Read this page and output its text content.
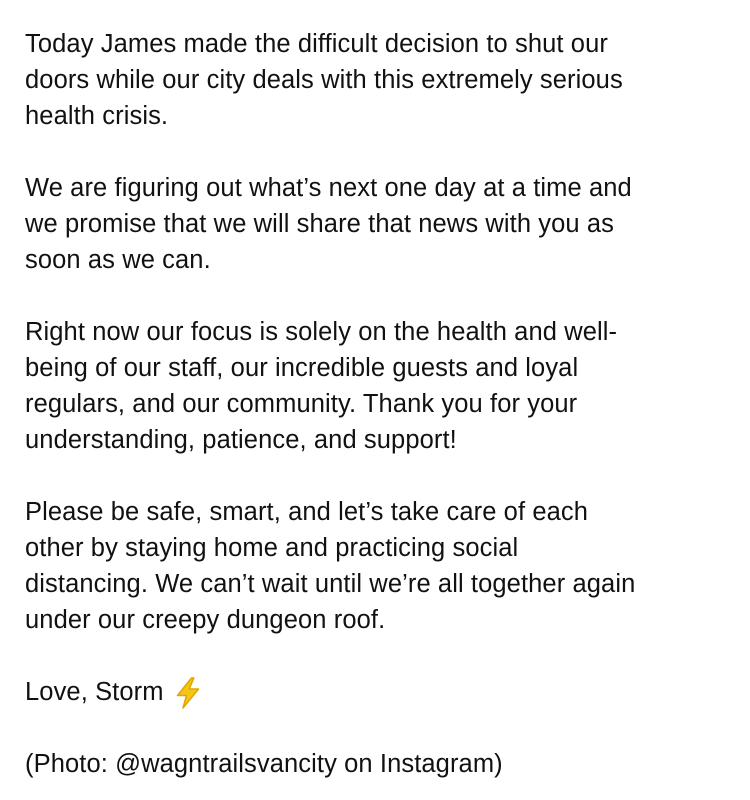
Today James made the difficult decision to shut our
doors while our city deals with this extremely serious
health crisis.
We are figuring out what’s next one day at a time and
we promise that we will share that news with you as
soon as we can.
Right now our focus is solely on the health and well-
being of our staff, our incredible guests and loyal
regulars, and our community. Thank you for your
understanding, patience, and support!
Please be safe, smart, and let’s take care of each
other by staying home and practicing social
distancing. We can’t wait until we’re all together again
under our creepy dungeon roof.
Love, Storm
(Photo: @wagntrailsvancity on Instagram)
